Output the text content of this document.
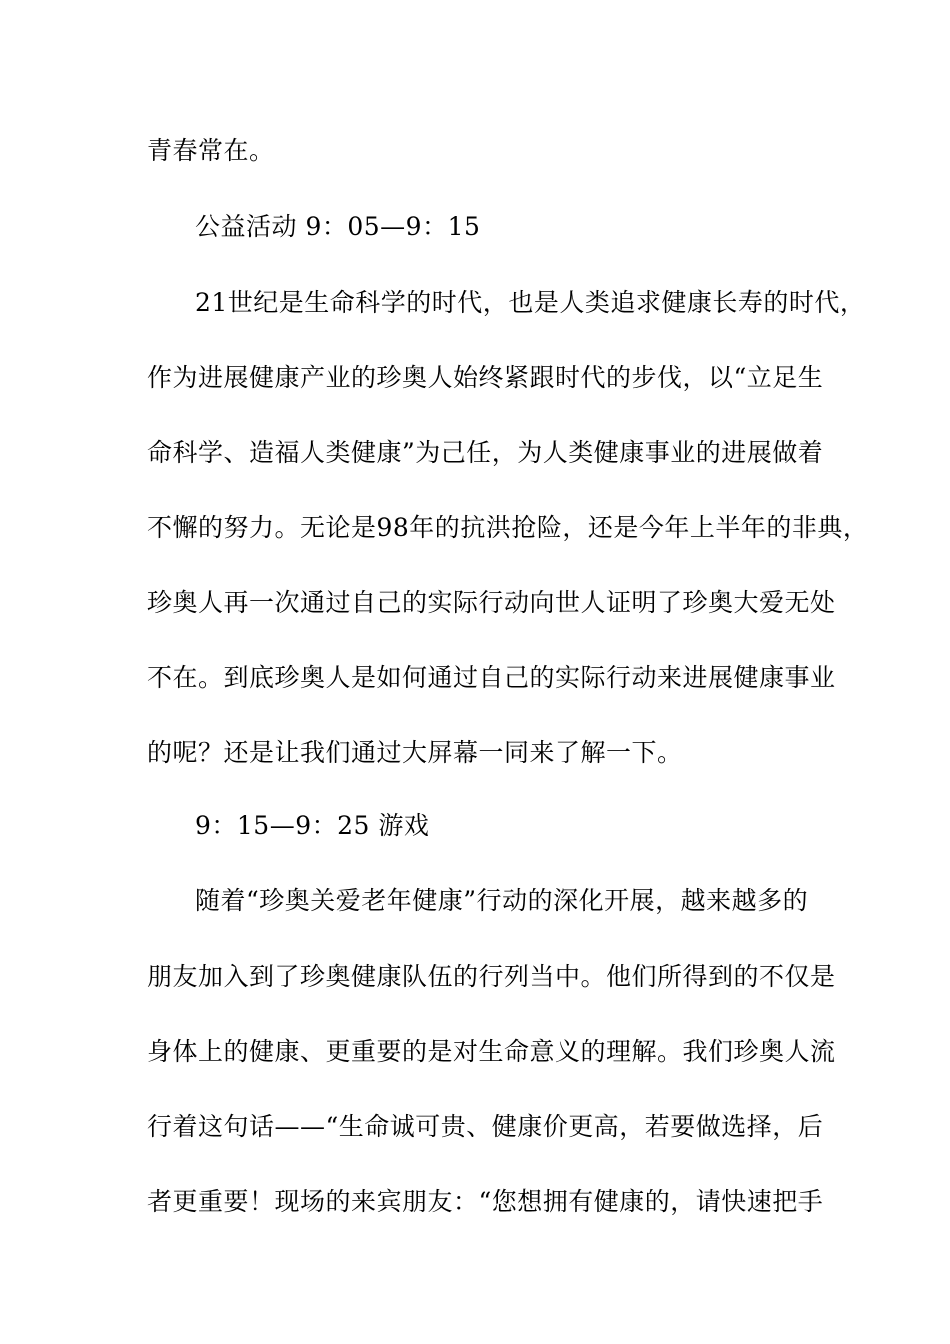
青春常在。
公益活动 9：05—9：15
21世纪是生命科学的时代，也是人类追求健康长寿的时代，
作为进展健康产业的珍奥人始终紧跟时代的步伐，以“立足生
命科学、造福人类健康”为己任，为人类健康事业的进展做着
不懈的努力。无论是98年的抗洪抢险，还是今年上半年的非典，
珍奥人再一次通过自己的实际行动向世人证明了珍奥大爱无处
不在。到底珍奥人是如何通过自己的实际行动来进展健康事业
的呢？还是让我们通过大屏幕一同来了解一下。
9：15—9：25 游戏
随着“珍奥关爱老年健康”行动的深化开展，越来越多的
朋友加入到了珍奥健康队伍的行列当中。他们所得到的不仅是
身体上的健康、更重要的是对生命意义的理解。我们珍奥人流
行着这句话——“生命诚可贵、健康价更高，若要做选择，后
者更重要！现场的来宾朋友：“您想拥有健康的，请快速把手
